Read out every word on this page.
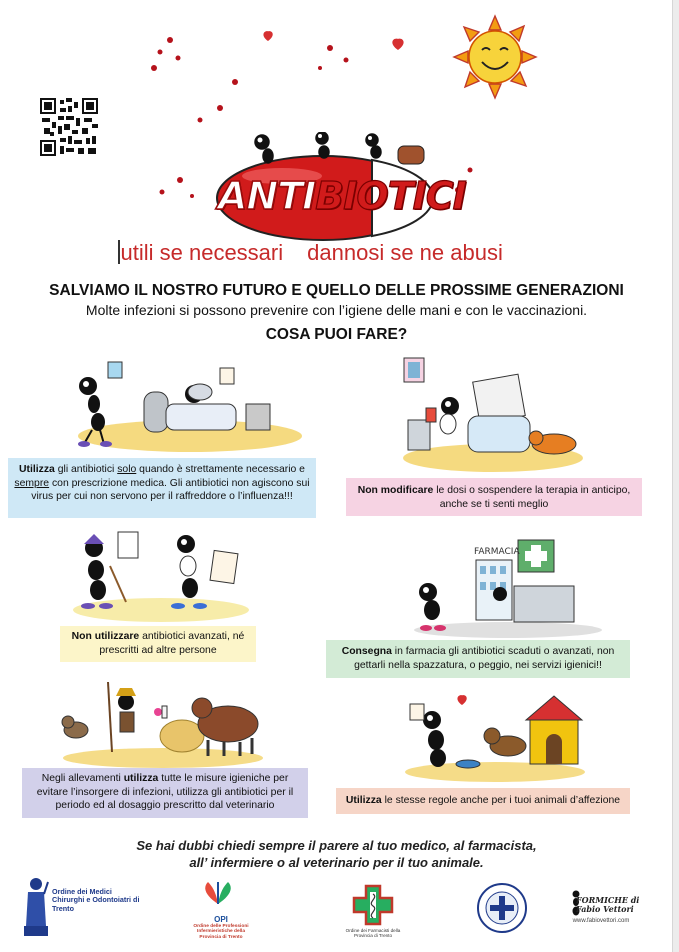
ANTIBIOTICI
utili se necessari dannosi se ne abusi
SALVIAMO IL NOSTRO FUTURO E QUELLO DELLE PROSSIME GENERAZIONI
Molte infezioni si possono prevenire con l’igiene delle mani e con le vaccinazioni.
COSA PUOI FARE?
Utilizza gli antibiotici solo quando è strettamente necessario e sempre con prescrizione medica. Gli antibiotici non agiscono sui virus per cui non servono per il raffreddore o l’influenza!!!
Non modificare le dosi o sospendere la terapia in anticipo, anche se ti senti meglio
FARMACIA
Non utilizzare antibiotici avanzati, né prescritti ad altre persone	Consegna in farmacia gli antibiotici scaduti o avanzati, non gettarli nella spazzatura, o peggio, nei servizi igienici!!
Negli allevamenti utilizza tutte le misure igieniche per evitare l’insorgere di infezioni, utilizza gli antibiotici per il periodo ed al dosaggio prescritto dal veterinario	Utilizza le stesse regole anche per i tuoi animali d’affezione
Se hai dubbi chiedi sempre il parere al tuo medico, al farmacista,
all’ infermiere o al veterinario per il tuo animale.
Ordine dei Medici Chirurghi e Odontoiatri di Trento
OPI
Ordine delle Professioni Infermieristiche della Provincia di Trento
Ordine dei Farmacisti della Provincia di Trento
FORMICHE di Fabio Vettori
www.fabiovettori.com
